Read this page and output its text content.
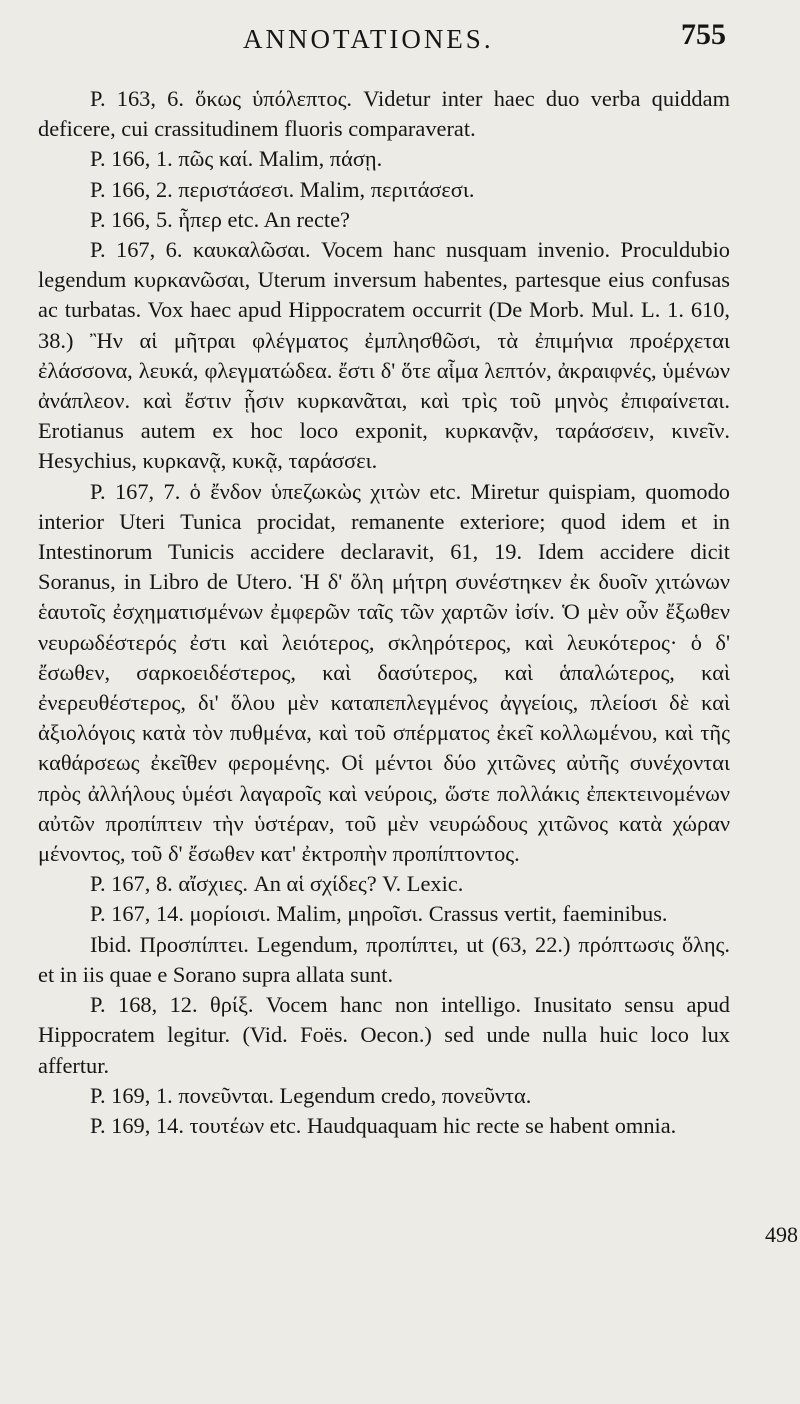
ANNOTATIONES.	755

P. 163, 6. ὅκως ὑπόλεπτος. Videtur inter haec duo verba quiddam deficere, cui crassitudinem fluoris comparaverat.

P. 166, 1. πῶς καί. Malim, πάσῃ.

P. 166, 2. περιστάσεσι. Malim, περιτάσεσι.

P. 166, 5. ἧπερ etc. An recte?

P. 167, 6. καυκαλῶσαι. Vocem hanc nusquam invenio. Proculdubio legendum κυρκανῶσαι, Uterum inversum habentes, partesque eius confusas ac turbatas. Vox haec apud Hippocratem occurrit (De Morb. Mul. L. 1. 610, 38.) Ἢν αἱ μῆτραι φλέγματος ἐμπλησθῶσι, τὰ ἐπιμήνια προέρχεται ἐλάσσονα, λευκά, φλεγματώδεα. ἔστι δ' ὅτε αἷμα λεπτόν, ἀκραιφνές, ὑμένων ἀνάπλεον. καὶ ἔστιν ᾗσιν κυρκανᾶται, καὶ τρὶς τοῦ μηνὸς ἐπιφαίνεται. Erotianus autem ex hoc loco exponit, κυρκανᾷν, ταράσσειν, κινεῖν. Hesychius, κυρκανᾷ, κυκᾷ, ταράσσει.

P. 167, 7. ὁ ἔνδον ὑπεζωκὼς χιτὼν etc. Miretur quispiam, quomodo interior Uteri Tunica procidat, remanente exteriore; quod idem et in Intestinorum Tunicis accidere declaravit, 61, 19. Idem accidere dicit Soranus, in Libro de Utero. Ἡ δ' ὅλη μήτρη συνέστηκεν ἐκ δυοῖν χιτώνων ἑαυτοῖς ἐσχηματισμένων ἐμφερῶν ταῖς τῶν χαρτῶν ἰσίν. Ὁ μὲν οὖν ἔξωθεν νευρωδέστερός ἐστι καὶ λειότερος, σκληρότερος, καὶ λευκότερος· ὁ δ' ἔσωθεν, σαρκοειδέστερος, καὶ δασύτερος, καὶ ἁπαλώτερος, καὶ ἐνερευθέστερος, δι' ὅλου μὲν καταπεπλεγμένος ἀγγείοις, πλείοσι δὲ καὶ ἀξιολόγοις κατὰ τὸν πυθμένα, καὶ τοῦ σπέρματος ἐκεῖ κολλωμένου, καὶ τῆς καθάρσεως ἐκεῖθεν φερομένης. Οἱ μέντοι δύο χιτῶνες αὐτῆς συνέχονται πρὸς ἀλλήλους ὑμέσι λαγαροῖς καὶ νεύροις, ὥστε πολλάκις ἐπεκτεινομένων αὐτῶν προπίπτειν τὴν ὑστέραν, τοῦ μὲν νευρώδους χιτῶνος κατὰ χώραν μένοντος, τοῦ δ' ἔσωθεν κατ' ἐκτροπὴν προπίπτοντος.

P. 167, 8. αἴσχιες. An αἱ σχίδες? V. Lexic.

P. 167, 14. μορίοισι. Malim, μηροῖσι. Crassus vertit, faeminibus.

Ibid. Προσπίπτει. Legendum, προπίπτει, ut (63, 22.) πρόπτωσις ὅλης. et in iis quae e Sorano supra allata sunt.

P. 168, 12. θρίξ. Vocem hanc non intelligo. Inusitato sensu apud Hippocratem legitur. (Vid. Foës. Oecon.) sed unde nulla huic loco lux affertur.

P. 169, 1. πονεῦνται. Legendum credo, πονεῦντα.

P. 169, 14. τουτέων etc. Haudquaquam hic recte se habent omnia.

498
